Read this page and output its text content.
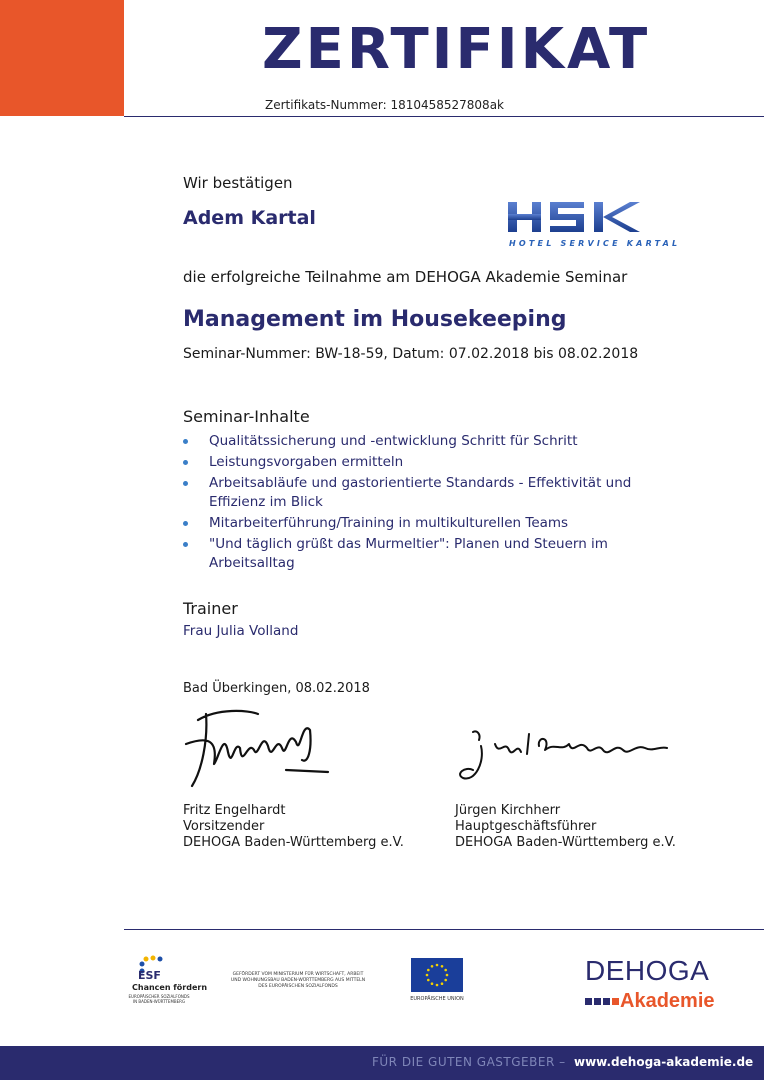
ZERTIFIKAT
Zertifikats-Nummer: 1810458527808ak
Wir bestätigen
Adem Kartal
HOTEL SERVICE KARTAL
die erfolgreiche Teilnahme am DEHOGA Akademie Seminar
Management im Housekeeping
Seminar-Nummer: BW-18-59, Datum: 07.02.2018 bis 08.02.2018
Seminar-Inhalte
Qualitätssicherung und -entwicklung Schritt für Schritt
Leistungsvorgaben ermitteln
Arbeitsabläufe und gastorientierte Standards - Effektivität und Effizienz im Blick
Mitarbeiterführung/Training in multikulturellen Teams
"Und täglich grüßt das Murmeltier": Planen und Steuern im Arbeitsalltag
Trainer
Frau Julia Volland
Bad Überkingen, 08.02.2018
Fritz Engelhardt
Vorsitzender
DEHOGA Baden-Württemberg e.V.
Jürgen Kirchherr
Hauptgeschäftsführer
DEHOGA Baden-Württemberg e.V.
ESF
Chancen fördern
EUROPÄISCHER SOZIALFONDS IN BADEN-WÜRTTEMBERG
GEFÖRDERT VOM MINISTERIUM FÜR WIRTSCHAFT, ARBEIT UND WOHNUNGSBAU BADEN-WÜRTTEMBERG AUS MITTELN DES EUROPÄISCHEN SOZIALFONDS
EUROPÄISCHE UNION
DEHOGA
Akademie
FÜR DIE GUTEN GASTGEBER – www.dehoga-akademie.de
